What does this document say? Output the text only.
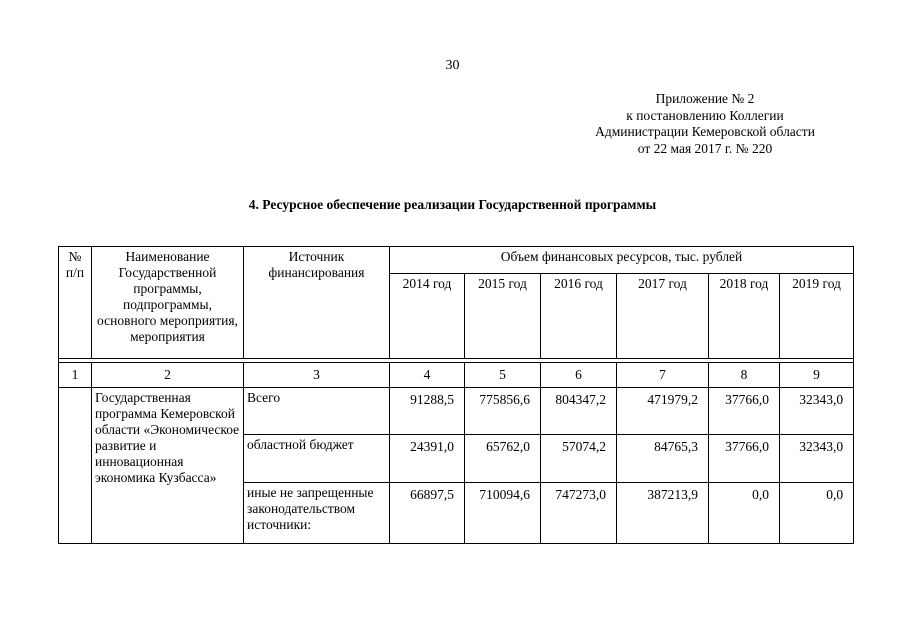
30
Приложение № 2
к постановлению Коллегии
Администрации Кемеровской области
от 22 мая 2017 г. № 220
4. Ресурсное обеспечение реализации Государственной программы
№ п/п	Наименование Государственной программы, подпрограммы, основного мероприятия, мероприятия	Источник финансирования	Объем финансовых ресурсов, тыс. рублей					
			2014 год	2015 год	2016 год	2017 год	2018 год	2019 год

1	2	3	4	5	6	7	8	9
	Государственная программа Кемеровской области «Экономическое развитие и инновационная экономика Кузбасса»	Всего	91288,5	775856,6	804347,2	471979,2	37766,0	32343,0
		областной бюджет	24391,0	65762,0	57074,2	84765,3	37766,0	32343,0
		иные не запрещенные законодательством источники:	66897,5	710094,6	747273,0	387213,9	0,0	0,0
